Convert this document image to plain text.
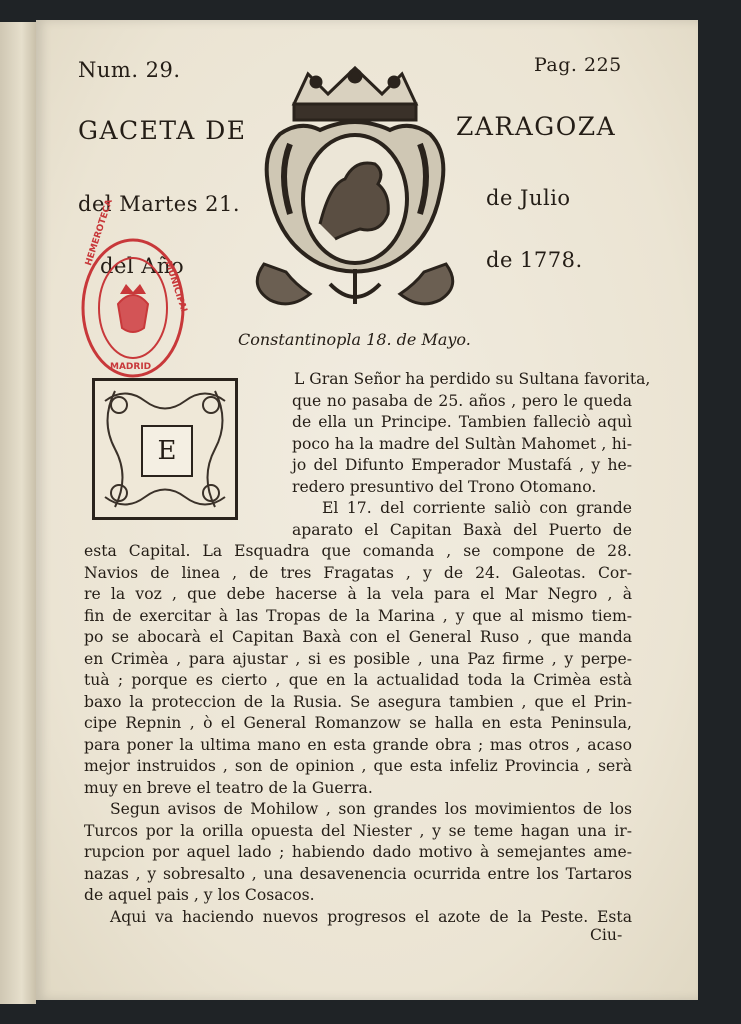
Num. 29.	Pag. 225
GACETA DE	ZARAGOZA
del Martes 21.	de Julio
del Año	de 1778.
HEMEROTECA
MUNICIPAL
MADRID
Constantinopla 18. de Mayo.
E
L Gran Señor ha perdido su Sultana favorita,
que no pasaba de 25. años , pero le queda
de ella un Principe. Tambien falleciò aquì
poco ha la madre del Sultàn Mahomet , hi-
jo del Difunto Emperador Mustafá , y he-
redero presuntivo del Trono Otomano.
El 17. del corriente saliò con grande
aparato el Capitan Baxà del Puerto de
esta Capital. La Esquadra que comanda , se compone de 28.
Navios de linea , de tres Fragatas , y de 24. Galeotas. Cor-
re la voz , que debe hacerse à la vela para el Mar Negro , à
fin de exercitar à las Tropas de la Marina , y que al mismo tiem-
po se abocarà el Capitan Baxà con el General Ruso , que manda
en Crimèa , para ajustar , si es posible , una Paz firme , y perpe-
tuà ; porque es cierto , que en la actualidad toda la Crimèa està
baxo la proteccion de la Rusia. Se asegura tambien , que el Prin-
cipe Repnin , ò el General Romanzow se halla en esta Peninsula,
para poner la ultima mano en esta grande obra ; mas otros , acaso
mejor instruidos , son de opinion , que esta infeliz Provincia , serà
muy en breve el teatro de la Guerra.
Segun avisos de Mohilow , son grandes los movimientos de los
Turcos por la orilla opuesta del Niester , y se teme hagan una ir-
rupcion por aquel lado ; habiendo dado motivo à semejantes ame-
nazas , y sobresalto , una desavenencia ocurrida entre los Tartaros
de aquel pais , y los Cosacos.
Aqui va haciendo nuevos progresos el azote de la Peste. Esta
Ciu-
